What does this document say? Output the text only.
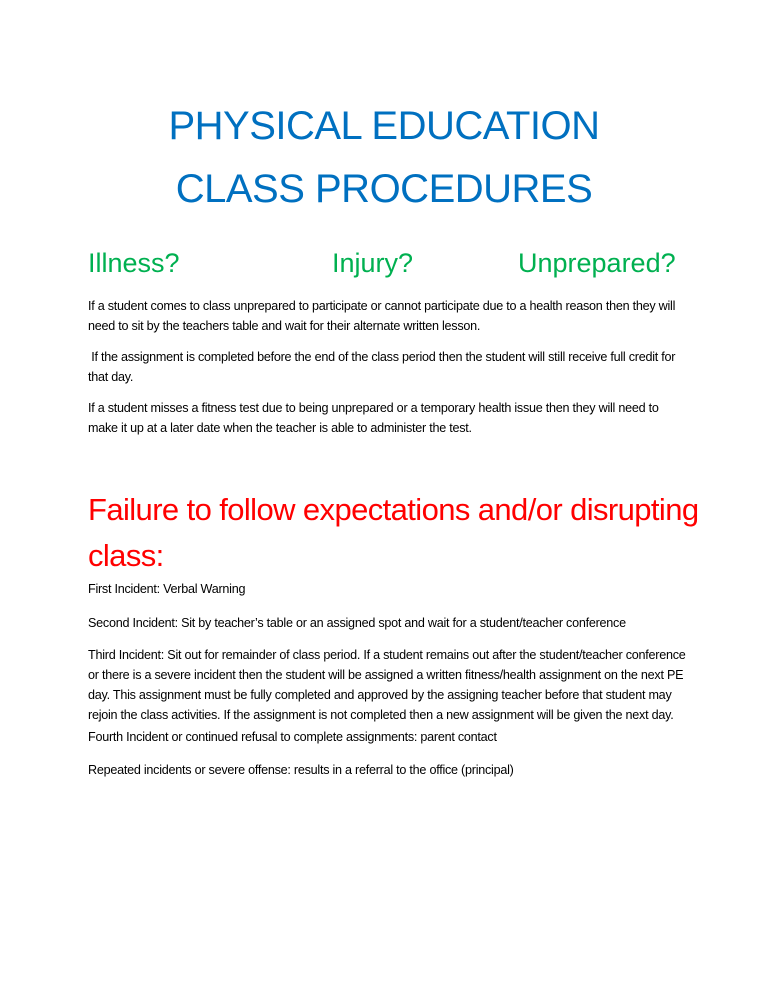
PHYSICAL EDUCATION
CLASS PROCEDURES
Illness?	Injury?	Unprepared?
If a student comes to class unprepared to participate or cannot participate due to a health reason then they will need to sit by the teachers table and wait for their alternate written lesson.
If the assignment is completed before the end of the class period then the student will still receive full credit for that day.
If a student misses a fitness test due to being unprepared or a temporary health issue then they will need to make it up at a later date when the teacher is able to administer the test.
Failure to follow expectations and/or disrupting class:
First Incident: Verbal Warning
Second Incident: Sit by teacher’s table or an assigned spot and wait for a student/teacher conference
Third Incident: Sit out for remainder of class period. If a student remains out after the student/teacher conference or there is a severe incident then the student will be assigned a written fitness/health assignment on the next PE day. This assignment must be fully completed and approved by the assigning teacher before that student may rejoin the class activities. If the assignment is not completed then a new assignment will be given the next day.
Fourth Incident or continued refusal to complete assignments: parent contact
Repeated incidents or severe offense: results in a referral to the office (principal)
